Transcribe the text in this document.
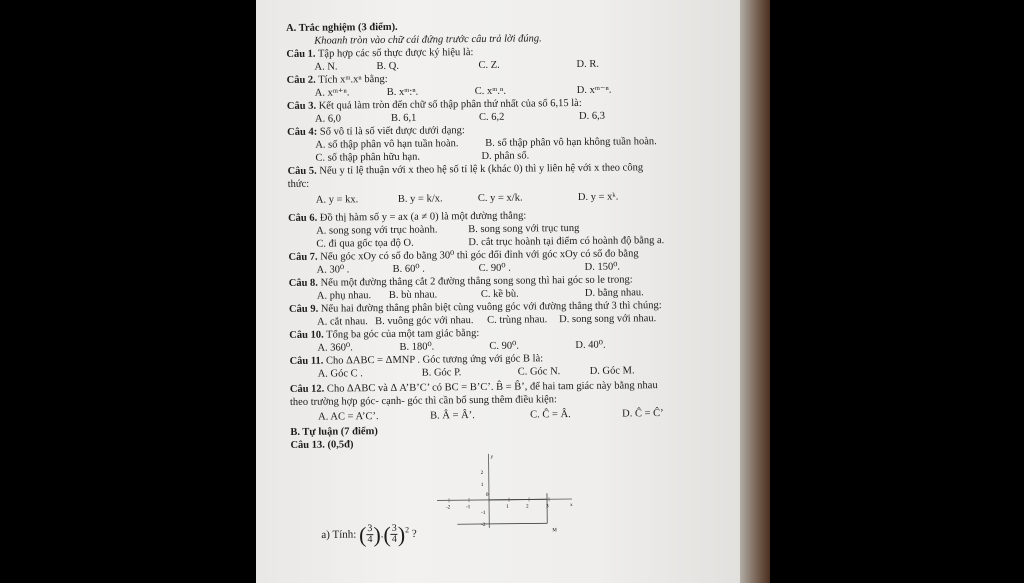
A. Trắc nghiệm (3 điểm).
Khoanh tròn vào chữ cái đứng trước câu trả lời đúng.
Câu 1. Tập hợp các số thực được ký hiệu là:
A. N.	B. Q.	C. Z.	D. R.
Câu 2. Tích xᵐ.xⁿ bằng:
A. xᵐ⁺ⁿ.	B. xᵐ:ⁿ.	C. xᵐ.ⁿ.	D. xᵐ⁻ⁿ.
Câu 3. Kết quả làm tròn đến chữ số thập phân thứ nhất của số 6,15 là:
A. 6,0	B. 6,1	C. 6,2	D. 6,3
Câu 4: Số vô tỉ là số viết được dưới dạng:
A. số thập phân vô hạn tuần hoàn.	B. số thập phân vô hạn không tuần hoàn.
C. số thập phân hữu hạn.	D. phân số.
Câu 5. Nếu y tỉ lệ thuận với x theo hệ số tỉ lệ k (khác 0) thì y liên hệ với x theo công
thức:
A. y = kx.	B. y = k/x.	C. y = x/k.	D. y = xᵏ.
Câu 6. Đồ thị hàm số y = ax (a ≠ 0) là một đường thẳng:
A. song song với trục hoành.	B. song song với trục tung
C. đi qua gốc tọa độ O.	D. cắt trục hoành tại điểm có hoành độ bằng a.
Câu 7. Nếu góc xOy có số đo bằng 30⁰ thì góc đối đỉnh với góc xOy có số đo bằng
A. 30⁰ .	B. 60⁰ .	C. 90⁰ .	D. 150⁰.
Câu 8. Nếu một đường thẳng cắt 2 đường thẳng song song thì hai góc so le trong:
A. phụ nhau. B. bù nhau.	C. kề bù.	D. bằng nhau.
Câu 9. Nếu hai đường thẳng phân biệt cùng vuông góc với đường thẳng thứ 3 thì chúng:
A. cắt nhau. B. vuông góc với nhau. C. trùng nhau. D. song song với nhau.
Câu 10. Tổng ba góc của một tam giác bằng:
A. 360⁰.	B. 180⁰.	C. 90⁰.	D. 40⁰.
Câu 11. Cho ΔABC = ΔMNP . Góc tương ứng với góc B là:
A. Góc C .	B. Góc P.	C. Góc N.	D. Góc M.
Câu 12. Cho ΔABC và Δ A’B’C’ có BC = B’C’. B̂ = B̂’, để hai tam giác này bằng nhau
theo trường hợp góc- cạnh- góc thì cần bổ sung thêm điều kiện:
A. AC = A’C’.	B. Â = Â’.	C. Ĉ = Â.	D. Ĉ = Ĉ’
B. Tự luận (7 điểm)
Câu 13. (0,5đ)
-2	-1
0
1	2	3
2
1
-1
-2
x
y
M
a) Tính: ( $\frac{3}{4}$ ).( $\frac{3}{4} )^2$ ?
